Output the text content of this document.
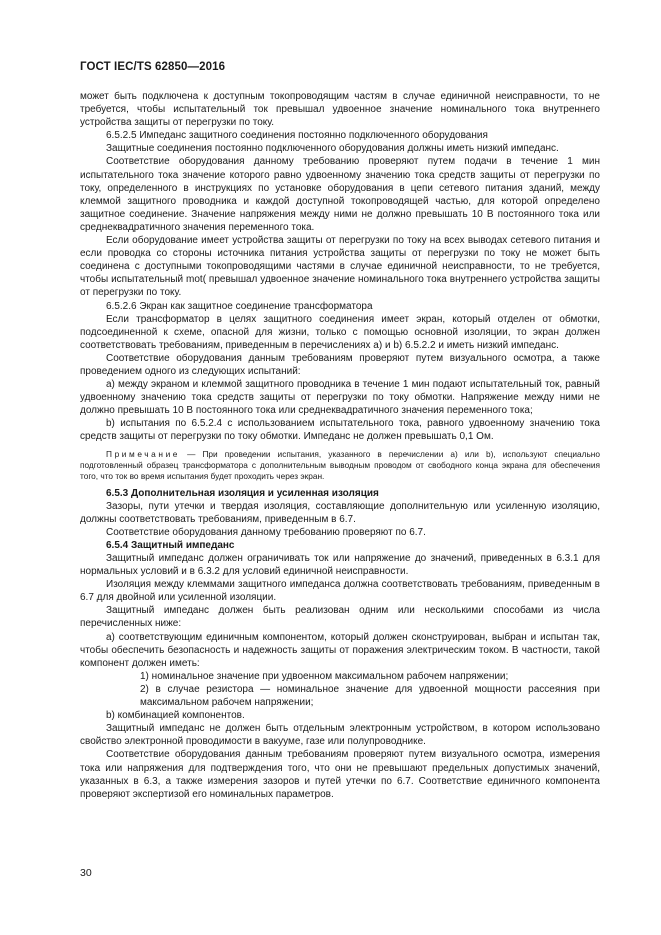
ГОСТ IEC/TS 62850—2016

может быть подключена к доступным токопроводящим частям в случае единичной неисправности, то не требуется, чтобы испытательный ток превышал удвоенное значение номинального тока внутреннего устройства защиты от перегрузки по току.

6.5.2.5 Импеданс защитного соединения постоянно подключенного оборудования

Защитные соединения постоянно подключенного оборудования должны иметь низкий импеданс.

Соответствие оборудования данному требованию проверяют путем подачи в течение 1 мин испытательного тока значение которого равно удвоенному значению тока средств защиты от перегрузки по току, определенного в инструкциях по установке оборудования в цепи сетевого питания зданий, между клеммой защитного проводника и каждой доступной токопроводящей частью, для которой определено защитное соединение. Значение напряжения между ними не должно превышать 10 В постоянного тока или среднеквадратичного значения переменного тока.

Если оборудование имеет устройства защиты от перегрузки по току на всех выводах сетевого питания и если проводка со стороны источника питания устройства защиты от перегрузки по току не может быть соединена с доступными токопроводящими частями в случае единичной неисправности, то не требуется, чтобы испытательный mot( превышал удвоенное значение номинального тока внутреннего устройства защиты от перегрузки по току.

6.5.2.6 Экран как защитное соединение трансформатора

Если трансформатор в целях защитного соединения имеет экран, который отделен от обмотки, подсоединенной к схеме, опасной для жизни, только с помощью основной изоляции, то экран должен соответствовать требованиям, приведенным в перечислениях а) и b) 6.5.2.2 и иметь низкий импеданс.

Соответствие оборудования данным требованиям проверяют путем визуального осмотра, а также проведением одного из следующих испытаний:

а) между экраном и клеммой защитного проводника в течение 1 мин подают испытательный ток, равный удвоенному значению тока средств защиты от перегрузки по току обмотки. Напряжение между ними не должно превышать 10 В постоянного тока или среднеквадратичного значения переменного тока;

b) испытания по 6.5.2.4 с использованием испытательного тока, равного удвоенному значению тока средств защиты от перегрузки по току обмотки. Импеданс не должен превышать 0,1 Ом.

Примечание — При проведении испытания, указанного в перечислении а) или b), используют специально подготовленный образец трансформатора с дополнительным выводным проводом от свободного конца экрана для обеспечения того, что ток во время испытания будет проходить через экран.

6.5.3 Дополнительная изоляция и усиленная изоляция

Зазоры, пути утечки и твердая изоляция, составляющие дополнительную или усиленную изоляцию, должны соответствовать требованиям, приведенным в 6.7.

Соответствие оборудования данному требованию проверяют по 6.7.

6.5.4 Защитный импеданс

Защитный импеданс должен ограничивать ток или напряжение до значений, приведенных в 6.3.1 для нормальных условий и в 6.3.2 для условий единичной неисправности.

Изоляция между клеммами защитного импеданса должна соответствовать требованиям, приведенным в 6.7 для двойной или усиленной изоляции.

Защитный импеданс должен быть реализован одним или несколькими способами из числа перечисленных ниже:

а) соответствующим единичным компонентом, который должен сконструирован, выбран и испытан так, чтобы обеспечить безопасность и надежность защиты от поражения электрическим током. В частности, такой компонент должен иметь:

1) номинальное значение при удвоенном максимальном рабочем напряжении;

2) в случае резистора — номинальное значение для удвоенной мощности рассеяния при максимальном рабочем напряжении;

b) комбинацией компонентов.

Защитный импеданс не должен быть отдельным электронным устройством, в котором использовано свойство электронной проводимости в вакууме, газе или полупроводнике.

Соответствие оборудования данным требованиям проверяют путем визуального осмотра, измерения тока или напряжения для подтверждения того, что они не превышают предельных допустимых значений, указанных в 6.3, а также измерения зазоров и путей утечки по 6.7. Соответствие единичного компонента проверяют экспертизой его номинальных параметров.

30
